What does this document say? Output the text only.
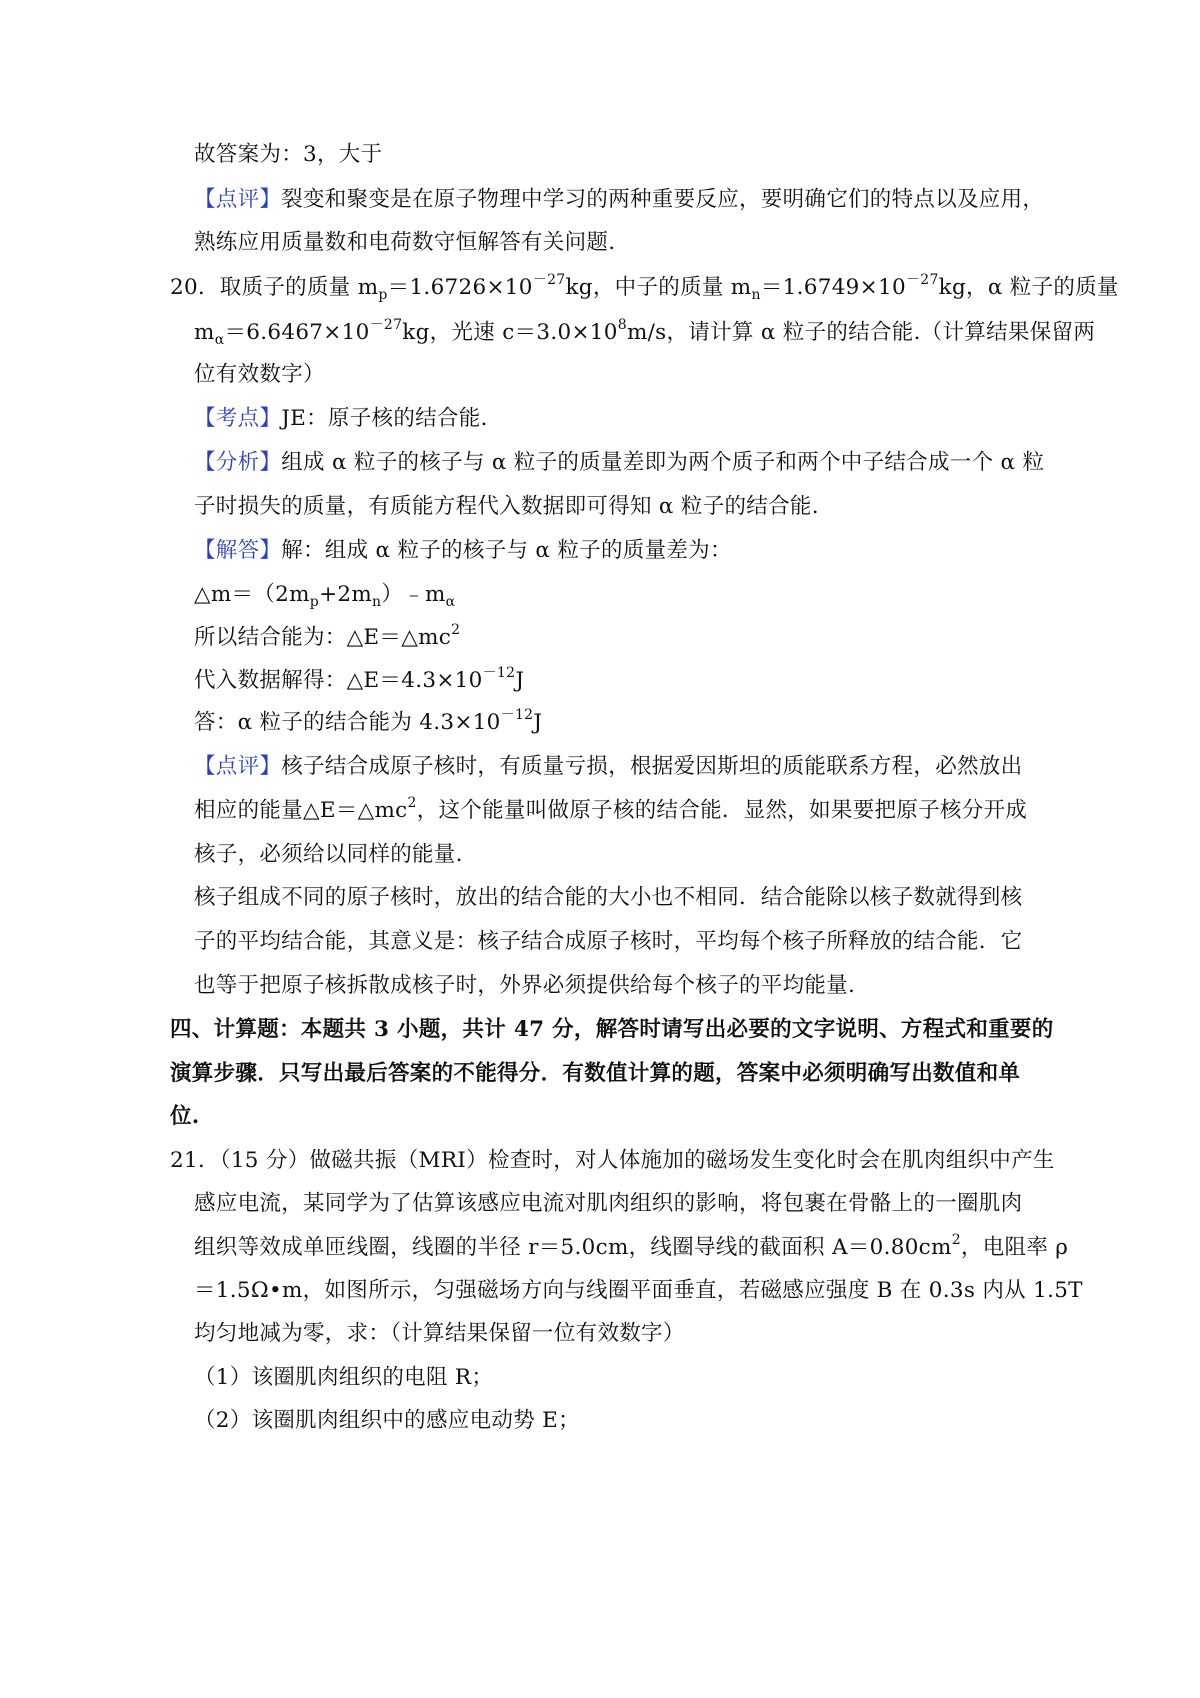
故答案为：3，大于
【点评】裂变和聚变是在原子物理中学习的两种重要反应，要明确它们的特点以及应用，
熟练应用质量数和电荷数守恒解答有关问题.
20．取质子的质量 $m_p=1.6726\times 10^{-27}kg$，中子的质量 $m_n=1.6749\times 10^{-27}kg$，α 粒子的质量
$m_\alpha=6.6467\times 10^{-27}kg$，光速 $c=3.0\times 10^8m/s$，请计算 α 粒子的结合能.（计算结果保留两
位有效数字）
【考点】JE：原子核的结合能.
【分析】组成 α 粒子的核子与 α 粒子的质量差即为两个质子和两个中子结合成一个 α 粒
子时损失的质量，有质能方程代入数据即可得知 α 粒子的结合能.
【解答】解：组成 α 粒子的核子与 α 粒子的质量差为：
$\triangle m=(2m_p+2m_n)﹣m_\alpha$
所以结合能为：$\triangle E=\triangle mc^2$
代入数据解得：$\triangle E=4.3\times 10^{-12}J$
答：α 粒子的结合能为 $4.3\times 10^{-12}J$
【点评】核子结合成原子核时，有质量亏损，根据爱因斯坦的质能联系方程，必然放出
相应的能量$\triangle E=\triangle mc^2$，这个能量叫做原子核的结合能．显然，如果要把原子核分开成
核子，必须给以同样的能量.
核子组成不同的原子核时，放出的结合能的大小也不相同．结合能除以核子数就得到核
子的平均结合能，其意义是：核子结合成原子核时，平均每个核子所释放的结合能．它
也等于把原子核拆散成核子时，外界必须提供给每个核子的平均能量.
四、计算题：本题共 3 小题，共计 47 分，解答时请写出必要的文字说明、方程式和重要的
演算步骤．只写出最后答案的不能得分．有数值计算的题，答案中必须明确写出数值和单
位.
21．（15 分）做磁共振（MRI）检查时，对人体施加的磁场发生变化时会在肌肉组织中产生
感应电流，某同学为了估算该感应电流对肌肉组织的影响，将包裹在骨骼上的一圈肌肉
组织等效成单匝线圈，线圈的半径 r＝5.0cm，线圈导线的截面积 $A=0.80cm^2$，电阻率 ρ
＝1.5Ω•m，如图所示，匀强磁场方向与线圈平面垂直，若磁感应强度 B 在 0.3s 内从 1.5T
均匀地减为零，求：（计算结果保留一位有效数字）
（1）该圈肌肉组织的电阻 R；
（2）该圈肌肉组织中的感应电动势 E；
